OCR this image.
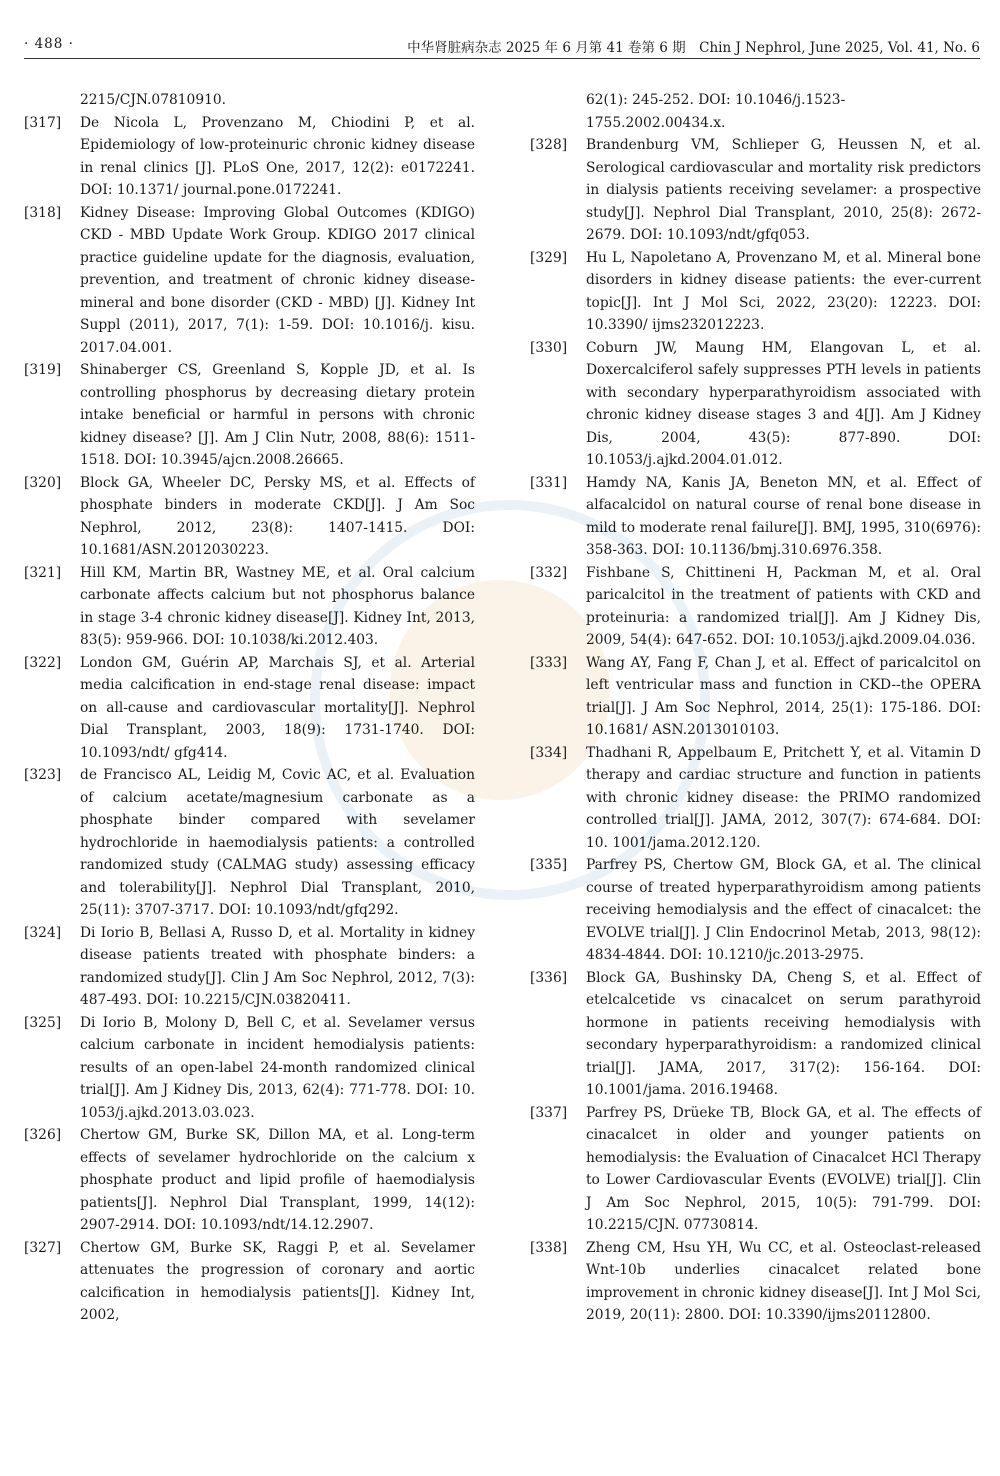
· 488 ·	中华肾脏病杂志 2025 年 6 月第 41 卷第 6 期　Chin J Nephrol, June 2025, Vol. 41, No. 6
2215/CJN.07810910.
[317]	De Nicola L, Provenzano M, Chiodini P, et al. Epidemiology of low-proteinuric chronic kidney disease in renal clinics [J]. PLoS One, 2017, 12(2): e0172241. DOI: 10.1371/ journal.pone.0172241.
[318]	Kidney Disease: Improving Global Outcomes (KDIGO) CKD - MBD Update Work Group. KDIGO 2017 clinical practice guideline update for the diagnosis, evaluation, prevention, and treatment of chronic kidney disease-mineral and bone disorder (CKD - MBD) [J]. Kidney Int Suppl (2011), 2017, 7(1): 1-59. DOI: 10.1016/j. kisu. 2017.04.001.
[319]	Shinaberger CS, Greenland S, Kopple JD, et al. Is controlling phosphorus by decreasing dietary protein intake beneficial or harmful in persons with chronic kidney disease? [J]. Am J Clin Nutr, 2008, 88(6): 1511-1518. DOI: 10.3945/ajcn.2008.26665.
[320]	Block GA, Wheeler DC, Persky MS, et al. Effects of phosphate binders in moderate CKD[J]. J Am Soc Nephrol, 2012, 23(8): 1407-1415. DOI: 10.1681/ASN.2012030223.
[321]	Hill KM, Martin BR, Wastney ME, et al. Oral calcium carbonate affects calcium but not phosphorus balance in stage 3-4 chronic kidney disease[J]. Kidney Int, 2013, 83(5): 959-966. DOI: 10.1038/ki.2012.403.
[322]	London GM, Guérin AP, Marchais SJ, et al. Arterial media calcification in end-stage renal disease: impact on all-cause and cardiovascular mortality[J]. Nephrol Dial Transplant, 2003, 18(9): 1731-1740. DOI: 10.1093/ndt/ gfg414.
[323]	de Francisco AL, Leidig M, Covic AC, et al. Evaluation of calcium acetate/magnesium carbonate as a phosphate binder compared with sevelamer hydrochloride in haemodialysis patients: a controlled randomized study (CALMAG study) assessing efficacy and tolerability[J]. Nephrol Dial Transplant, 2010, 25(11): 3707-3717. DOI: 10.1093/ndt/gfq292.
[324]	Di Iorio B, Bellasi A, Russo D, et al. Mortality in kidney disease patients treated with phosphate binders: a randomized study[J]. Clin J Am Soc Nephrol, 2012, 7(3): 487-493. DOI: 10.2215/CJN.03820411.
[325]	Di Iorio B, Molony D, Bell C, et al. Sevelamer versus calcium carbonate in incident hemodialysis patients: results of an open-label 24-month randomized clinical trial[J]. Am J Kidney Dis, 2013, 62(4): 771-778. DOI: 10. 1053/j.ajkd.2013.03.023.
[326]	Chertow GM, Burke SK, Dillon MA, et al. Long-term effects of sevelamer hydrochloride on the calcium x phosphate product and lipid profile of haemodialysis patients[J]. Nephrol Dial Transplant, 1999, 14(12): 2907-2914. DOI: 10.1093/ndt/14.12.2907.
[327]	Chertow GM, Burke SK, Raggi P, et al. Sevelamer attenuates the progression of coronary and aortic calcification in hemodialysis patients[J]. Kidney Int, 2002,
62(1): 245-252. DOI: 10.1046/j.1523-1755.2002.00434.x.
[328]	Brandenburg VM, Schlieper G, Heussen N, et al. Serological cardiovascular and mortality risk predictors in dialysis patients receiving sevelamer: a prospective study[J]. Nephrol Dial Transplant, 2010, 25(8): 2672-2679. DOI: 10.1093/ndt/gfq053.
[329]	Hu L, Napoletano A, Provenzano M, et al. Mineral bone disorders in kidney disease patients: the ever-current topic[J]. Int J Mol Sci, 2022, 23(20): 12223. DOI: 10.3390/ ijms232012223.
[330]	Coburn JW, Maung HM, Elangovan L, et al. Doxercalciferol safely suppresses PTH levels in patients with secondary hyperparathyroidism associated with chronic kidney disease stages 3 and 4[J]. Am J Kidney Dis, 2004, 43(5): 877-890. DOI: 10.1053/j.ajkd.2004.01.012.
[331]	Hamdy NA, Kanis JA, Beneton MN, et al. Effect of alfacalcidol on natural course of renal bone disease in mild to moderate renal failure[J]. BMJ, 1995, 310(6976): 358-363. DOI: 10.1136/bmj.310.6976.358.
[332]	Fishbane S, Chittineni H, Packman M, et al. Oral paricalcitol in the treatment of patients with CKD and proteinuria: a randomized trial[J]. Am J Kidney Dis, 2009, 54(4): 647-652. DOI: 10.1053/j.ajkd.2009.04.036.
[333]	Wang AY, Fang F, Chan J, et al. Effect of paricalcitol on left ventricular mass and function in CKD--the OPERA trial[J]. J Am Soc Nephrol, 2014, 25(1): 175-186. DOI: 10.1681/ ASN.2013010103.
[334]	Thadhani R, Appelbaum E, Pritchett Y, et al. Vitamin D therapy and cardiac structure and function in patients with chronic kidney disease: the PRIMO randomized controlled trial[J]. JAMA, 2012, 307(7): 674-684. DOI: 10. 1001/jama.2012.120.
[335]	Parfrey PS, Chertow GM, Block GA, et al. The clinical course of treated hyperparathyroidism among patients receiving hemodialysis and the effect of cinacalcet: the EVOLVE trial[J]. J Clin Endocrinol Metab, 2013, 98(12): 4834-4844. DOI: 10.1210/jc.2013-2975.
[336]	Block GA, Bushinsky DA, Cheng S, et al. Effect of etelcalcetide vs cinacalcet on serum parathyroid hormone in patients receiving hemodialysis with secondary hyperparathyroidism: a randomized clinical trial[J]. JAMA, 2017, 317(2): 156-164. DOI: 10.1001/jama. 2016.19468.
[337]	Parfrey PS, Drüeke TB, Block GA, et al. The effects of cinacalcet in older and younger patients on hemodialysis: the Evaluation of Cinacalcet HCl Therapy to Lower Cardiovascular Events (EVOLVE) trial[J]. Clin J Am Soc Nephrol, 2015, 10(5): 791-799. DOI: 10.2215/CJN. 07730814.
[338]	Zheng CM, Hsu YH, Wu CC, et al. Osteoclast-released Wnt-10b underlies cinacalcet related bone improvement in chronic kidney disease[J]. Int J Mol Sci, 2019, 20(11): 2800. DOI: 10.3390/ijms20112800.
